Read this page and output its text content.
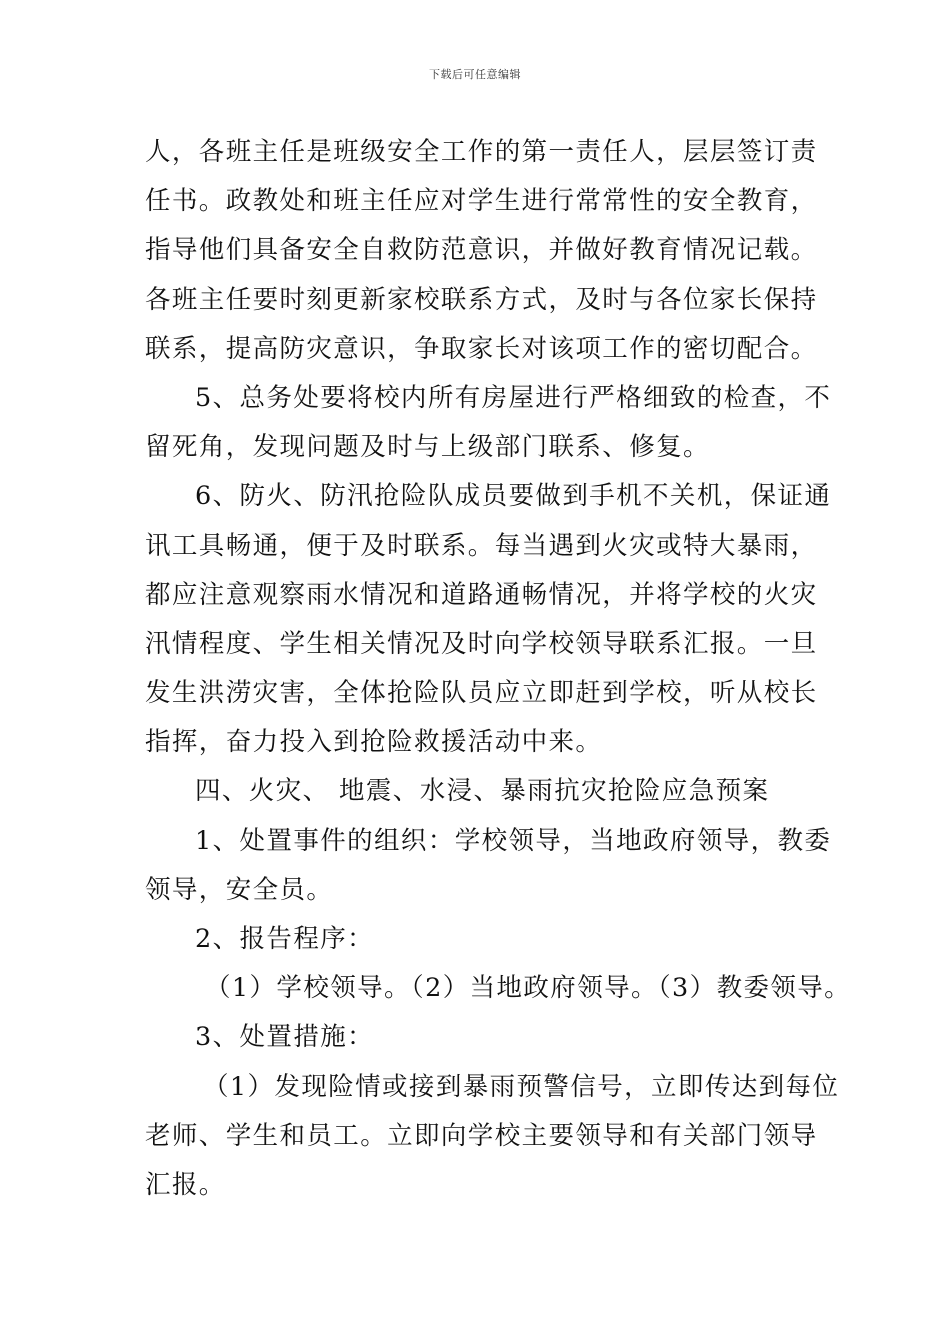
下载后可任意编辑
人，各班主任是班级安全工作的第一责任人，层层签订责
任书。政教处和班主任应对学生进行常常性的安全教育，
指导他们具备安全自救防范意识，并做好教育情况记载。
各班主任要时刻更新家校联系方式，及时与各位家长保持
联系，提高防灾意识，争取家长对该项工作的密切配合。
5、总务处要将校内所有房屋进行严格细致的检查，不
留死角，发现问题及时与上级部门联系、修复。
6、防火、防汛抢险队成员要做到手机不关机，保证通
讯工具畅通，便于及时联系。每当遇到火灾或特大暴雨，
都应注意观察雨水情况和道路通畅情况，并将学校的火灾
汛情程度、学生相关情况及时向学校领导联系汇报。一旦
发生洪涝灾害，全体抢险队员应立即赶到学校，听从校长
指挥，奋力投入到抢险救援活动中来。
四、火灾、 地震、水浸、暴雨抗灾抢险应急预案
1、处置事件的组织：学校领导，当地政府领导，教委
领导，安全员。
2、报告程序：
（1）学校领导。（2）当地政府领导。（3）教委领导。
3、处置措施：
（1）发现险情或接到暴雨预警信号，立即传达到每位
老师、学生和员工。立即向学校主要领导和有关部门领导
汇报。
